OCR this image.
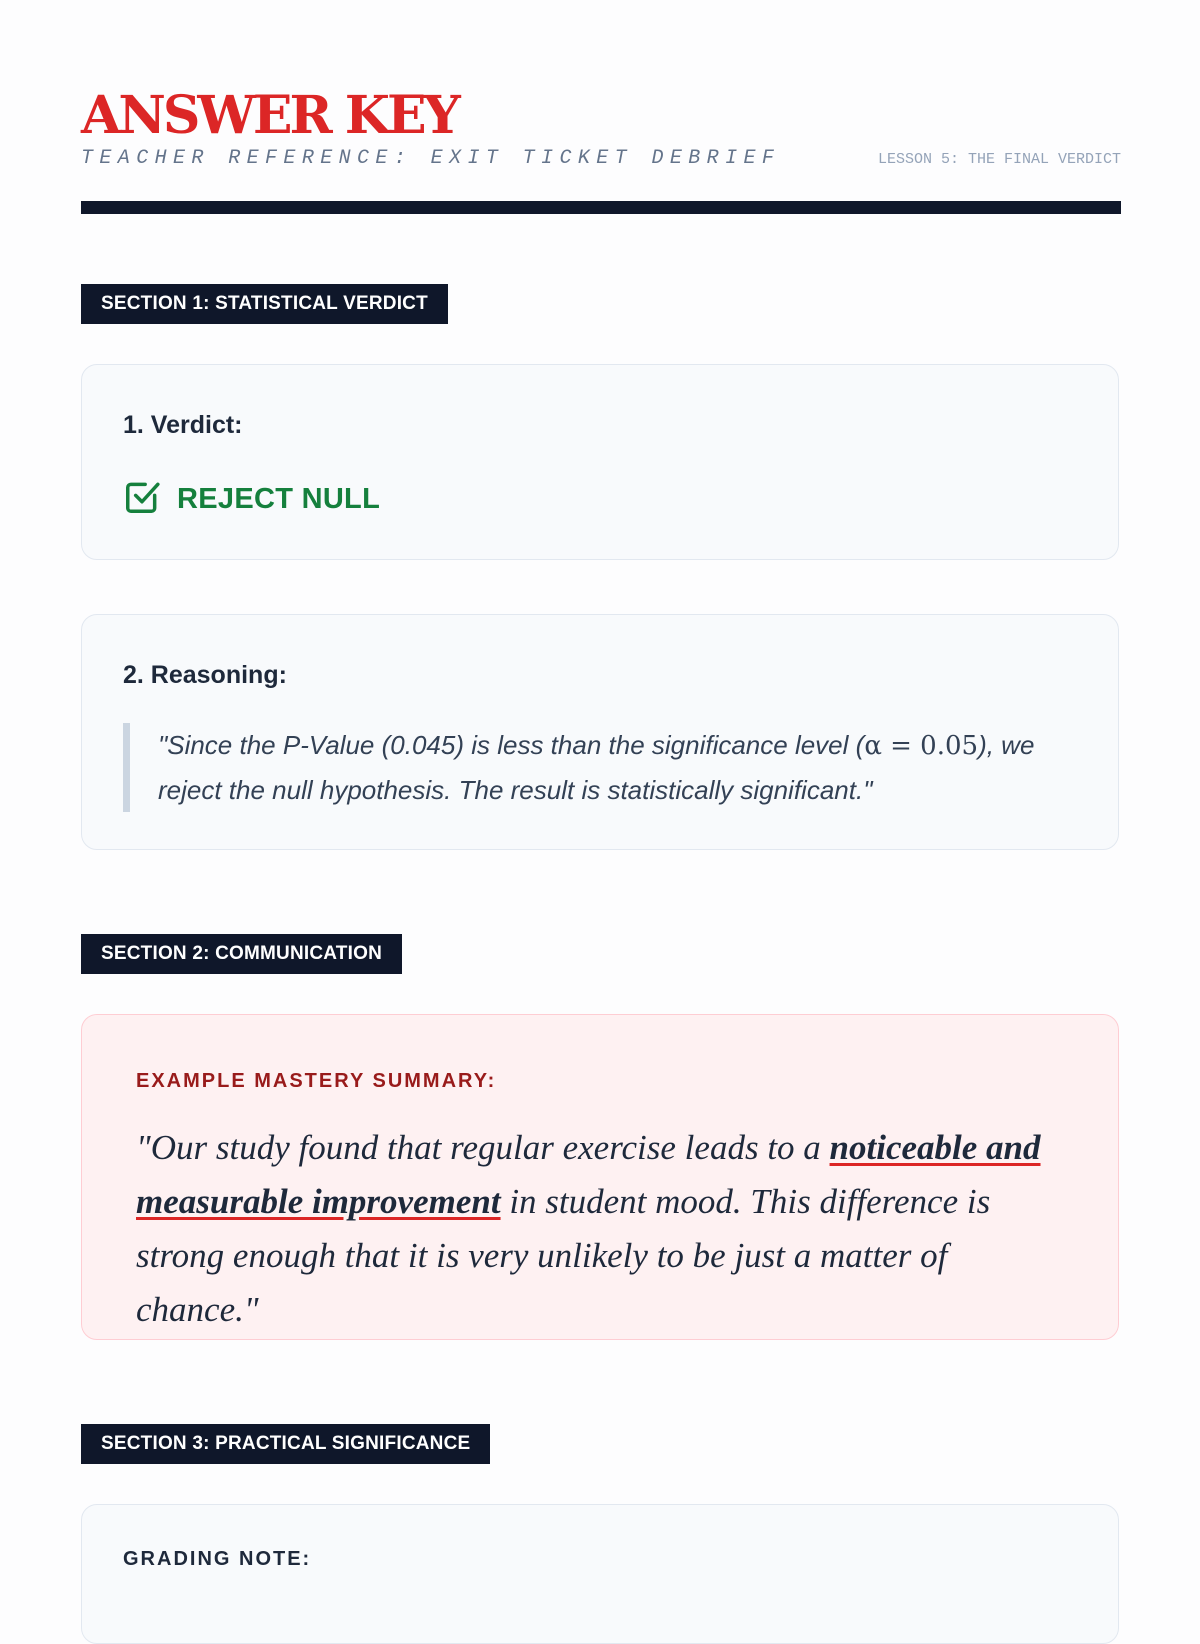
ANSWER KEY
TEACHER REFERENCE: EXIT TICKET DEBRIEF	LESSON 5: THE FINAL VERDICT
SECTION 1: STATISTICAL VERDICT
1. Verdict:
REJECT NULL
2. Reasoning:
"Since the P-Value (0.045) is less than the significance level (α = 0.05), we reject the null hypothesis. The result is statistically significant."
SECTION 2: COMMUNICATION
EXAMPLE MASTERY SUMMARY:
"Our study found that regular exercise leads to a noticeable and measurable improvement in student mood. This difference is strong enough that it is very unlikely to be just a matter of chance."
SECTION 3: PRACTICAL SIGNIFICANCE
GRADING NOTE:
